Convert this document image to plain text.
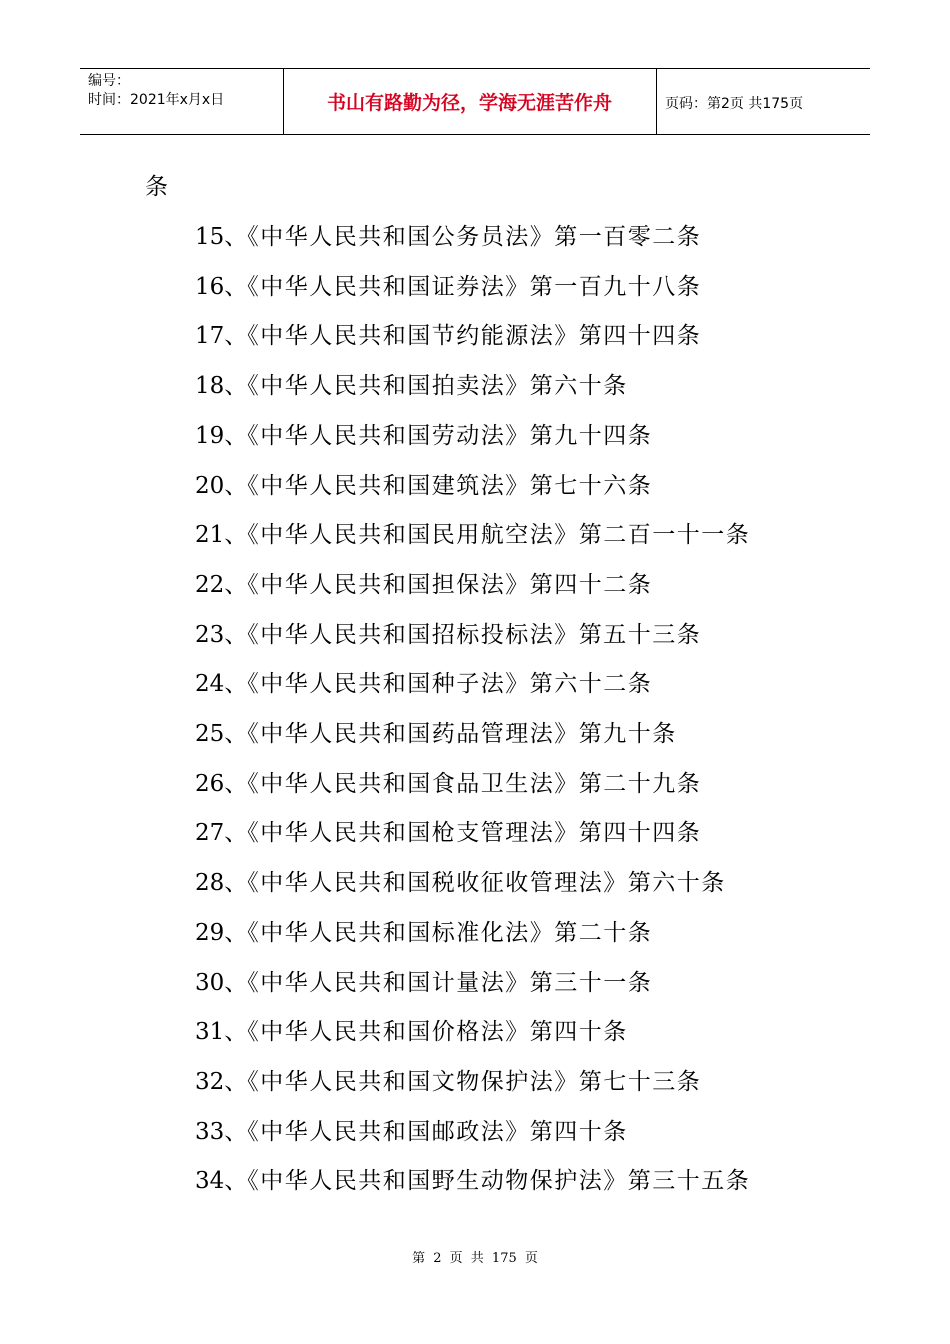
编号：
时间：2021年x月x日	书山有路勤为径，学海无涯苦作舟	页码：第2页 共175页
条
15、《中华人民共和国公务员法》第一百零二条
16、《中华人民共和国证券法》第一百九十八条
17、《中华人民共和国节约能源法》第四十四条
18、《中华人民共和国拍卖法》第六十条
19、《中华人民共和国劳动法》第九十四条
20、《中华人民共和国建筑法》第七十六条
21、《中华人民共和国民用航空法》第二百一十一条
22、《中华人民共和国担保法》第四十二条
23、《中华人民共和国招标投标法》第五十三条
24、《中华人民共和国种子法》第六十二条
25、《中华人民共和国药品管理法》第九十条
26、《中华人民共和国食品卫生法》第二十九条
27、《中华人民共和国枪支管理法》第四十四条
28、《中华人民共和国税收征收管理法》第六十条
29、《中华人民共和国标准化法》第二十条
30、《中华人民共和国计量法》第三十一条
31、《中华人民共和国价格法》第四十条
32、《中华人民共和国文物保护法》第七十三条
33、《中华人民共和国邮政法》第四十条
34、《中华人民共和国野生动物保护法》第三十五条
第 2 页 共 175 页
